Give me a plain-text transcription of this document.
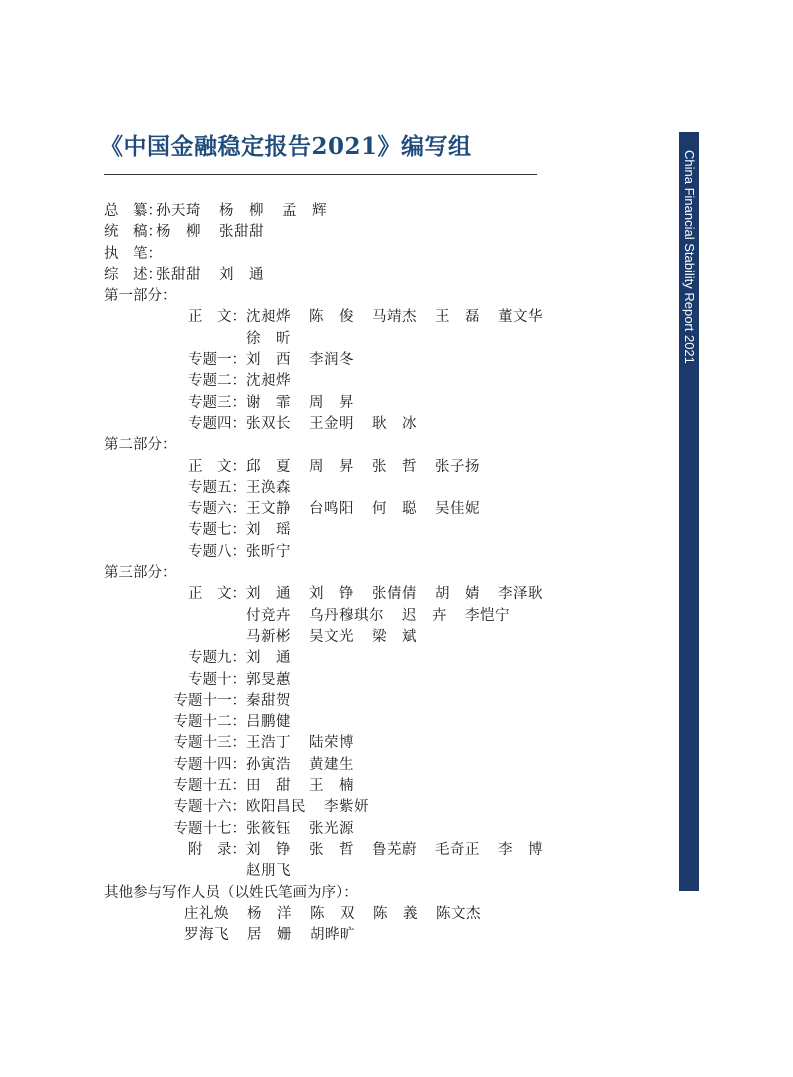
《中国金融稳定报告2021》编写组
China Financial Stability Report 2021
总　纂：
孙天琦 杨　柳 孟　辉
统　稿：
杨　柳 张甜甜
执　笔：
综　述：
张甜甜 刘　通
第一部分：
正　文： 沈昶烨 陈　俊 马靖杰 王　磊 董文华
徐　昕
专题一： 刘　西 李润冬
专题二： 沈昶烨
专题三： 谢　霏 周　昇
专题四： 张双长 王金明 耿　冰
第二部分：
正　文： 邱　夏 周　昇 张　哲 张子扬
专题五： 王涣森
专题六： 王文静 台鸣阳 何　聪 吴佳妮
专题七： 刘　瑶
专题八： 张昕宁
第三部分：
正　文： 刘　通 刘　铮 张倩倩 胡　婧 李泽耿
付竞卉 乌丹穆琪尔 迟　卉 李恺宁
马新彬 吴文光 梁　斌
专题九： 刘　通
专题十： 郭旻蕙
专题十一： 秦甜贺
专题十二： 吕鹏健
专题十三： 王浩丁 陆荣博
专题十四： 孙寅浩 黄建生
专题十五： 田　甜 王　楠
专题十六： 欧阳昌民 李紫妍
专题十七： 张筱钰 张光源
附　录： 刘　铮 张　哲 鲁芜蔚 毛奇正 李　博
赵朋飞
其他参与写作人员（以姓氏笔画为序）：
庄礼焕 杨　洋 陈　双 陈　義 陈文杰
罗海飞 居　姗 胡晔旷
